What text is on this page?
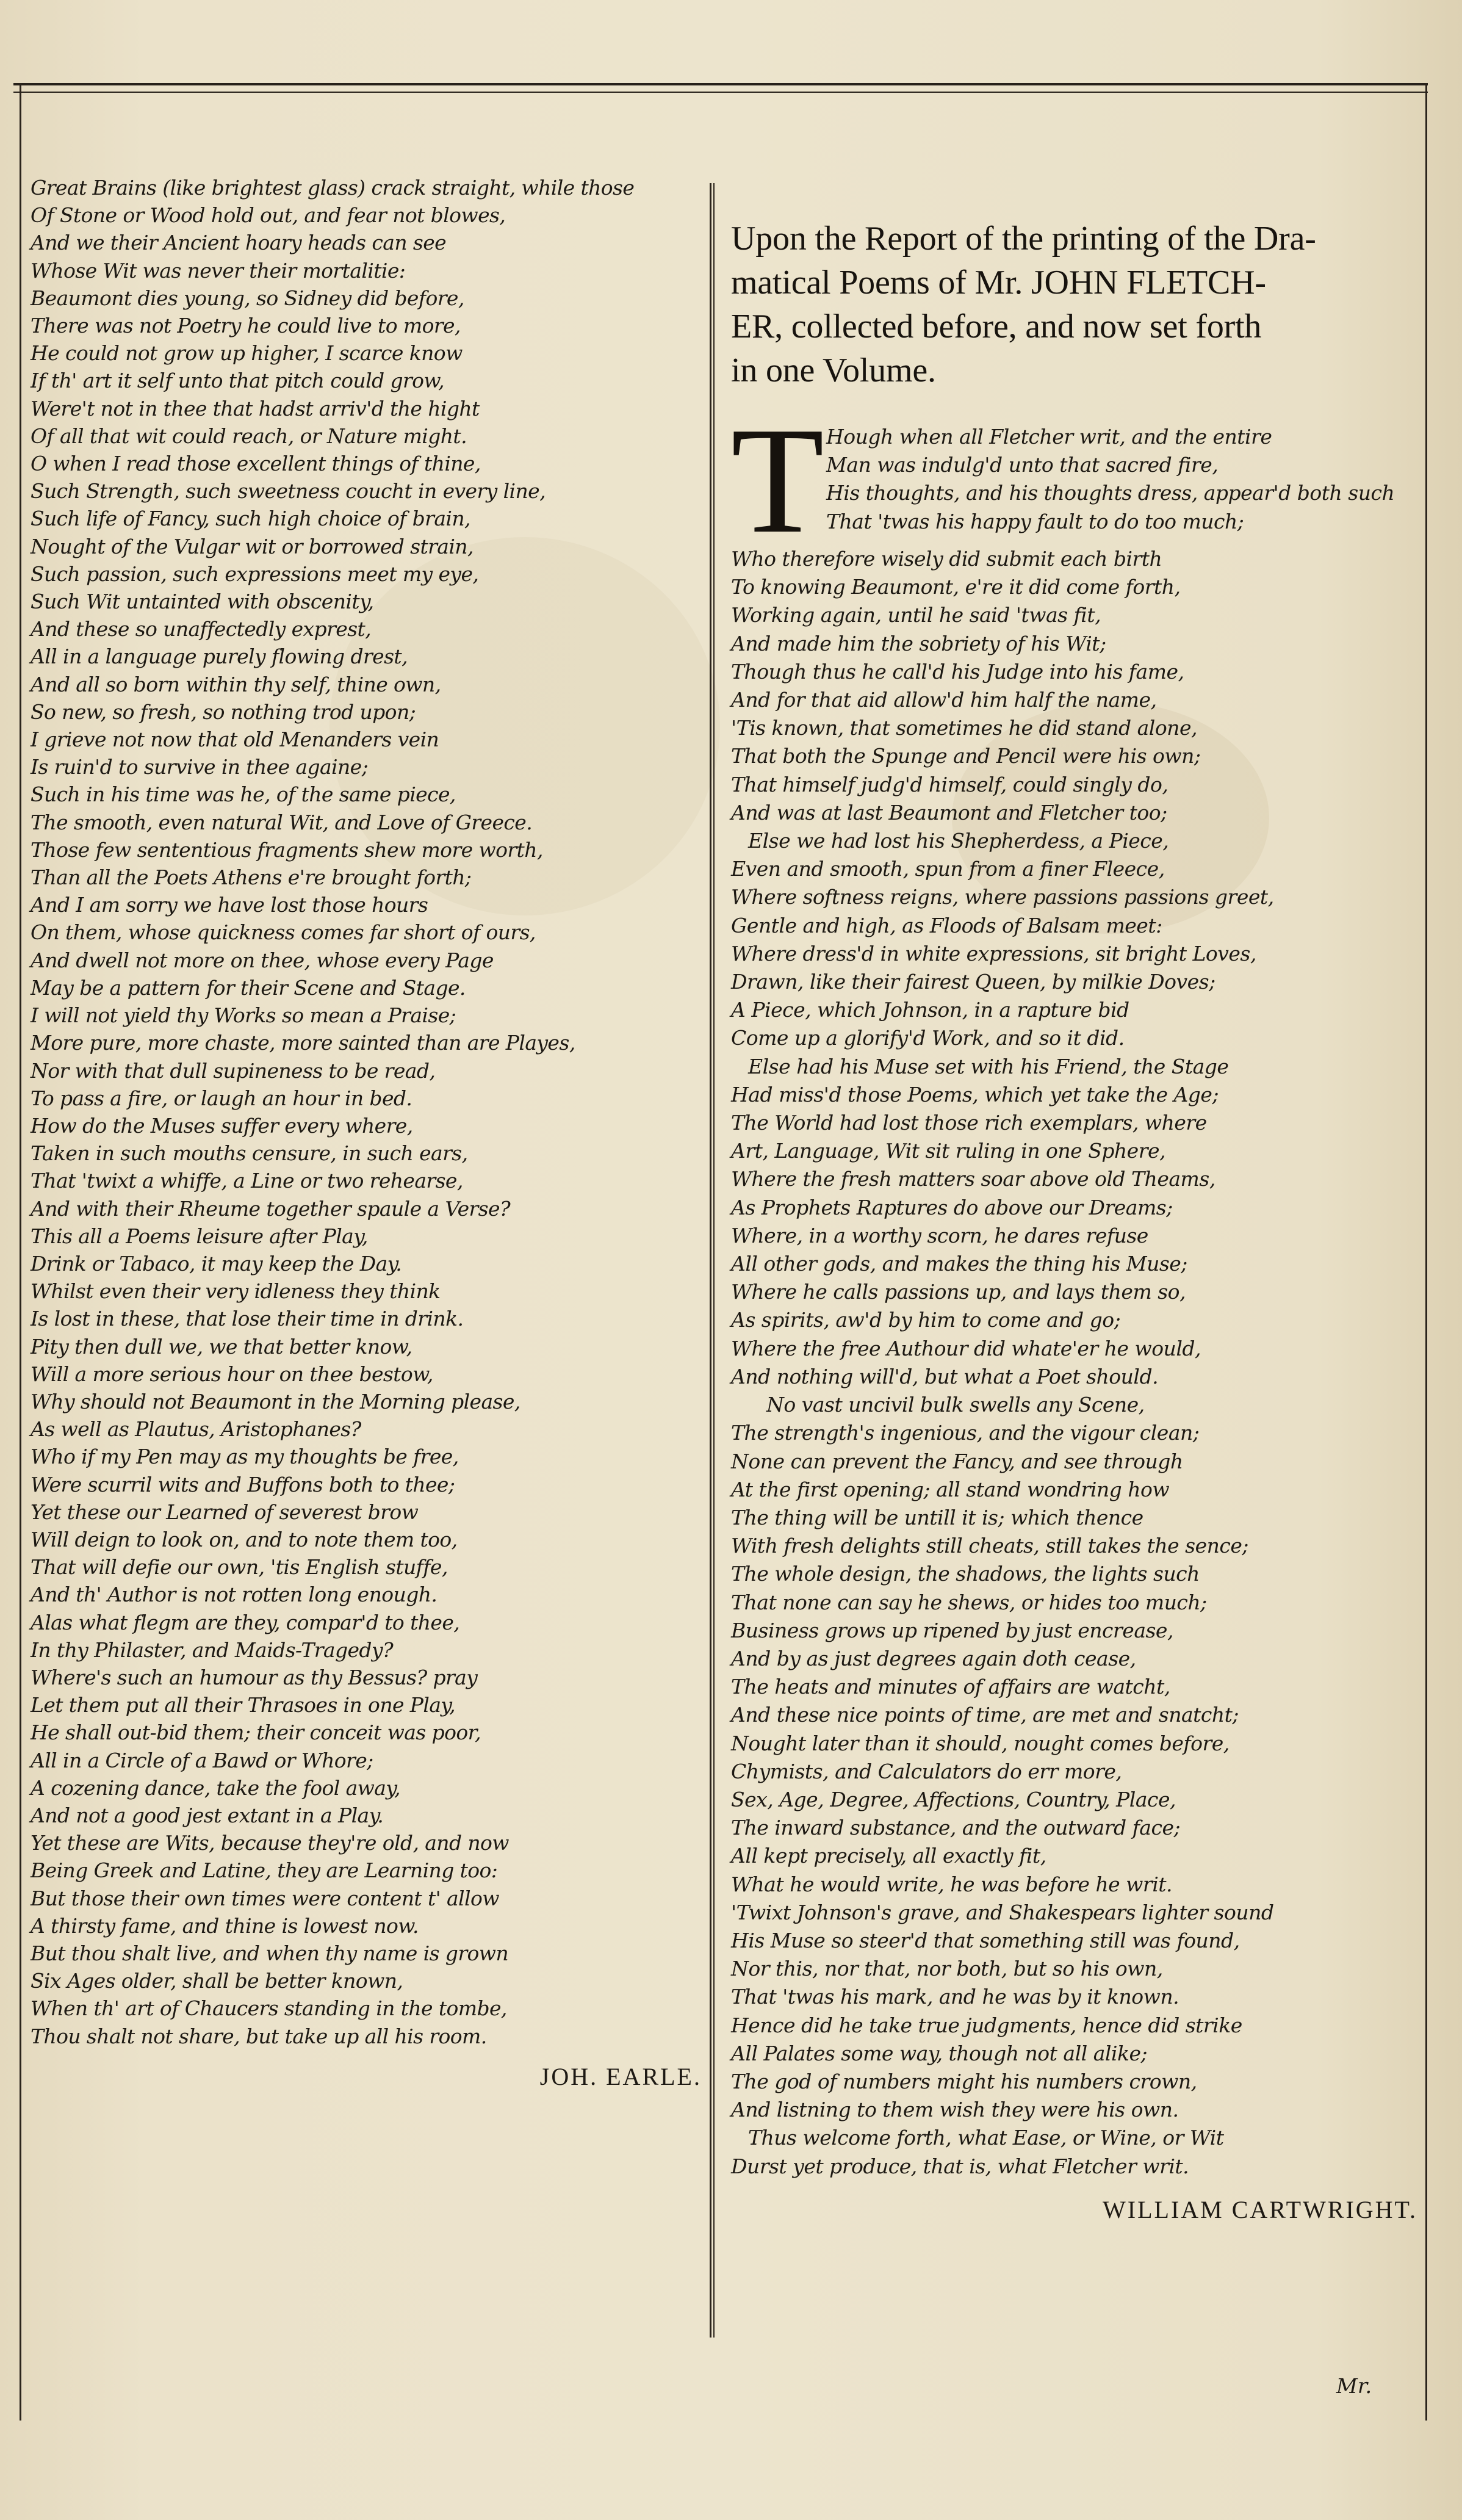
Great Brains (like brightest glass) crack straight, while those
Of Stone or Wood hold out, and fear not blowes,
And we their Ancient hoary heads can see
Whose Wit was never their mortalitie:
Beaumont dies young, so Sidney did before,
There was not Poetry he could live to more,
He could not grow up higher, I scarce know
If th' art it self unto that pitch could grow,
Were't not in thee that hadst arriv'd the hight
Of all that wit could reach, or Nature might.
O when I read those excellent things of thine,
Such Strength, such sweetness coucht in every line,
Such life of Fancy, such high choice of brain,
Nought of the Vulgar wit or borrowed strain,
Such passion, such expressions meet my eye,
Such Wit untainted with obscenity,
And these so unaffectedly exprest,
All in a language purely flowing drest,
And all so born within thy self, thine own,
So new, so fresh, so nothing trod upon;
I grieve not now that old Menanders vein
Is ruin'd to survive in thee againe;
Such in his time was he, of the same piece,
The smooth, even natural Wit, and Love of Greece.
Those few sententious fragments shew more worth,
Than all the Poets Athens e're brought forth;
And I am sorry we have lost those hours
On them, whose quickness comes far short of ours,
And dwell not more on thee, whose every Page
May be a pattern for their Scene and Stage.
I will not yield thy Works so mean a Praise;
More pure, more chaste, more sainted than are Playes,
Nor with that dull supineness to be read,
To pass a fire, or laugh an hour in bed.
How do the Muses suffer every where,
Taken in such mouths censure, in such ears,
That 'twixt a whiffe, a Line or two rehearse,
And with their Rheume together spaule a Verse?
This all a Poems leisure after Play,
Drink or Tabaco, it may keep the Day.
Whilst even their very idleness they think
Is lost in these, that lose their time in drink.
Pity then dull we, we that better know,
Will a more serious hour on thee bestow,
Why should not Beaumont in the Morning please,
As well as Plautus, Aristophanes?
Who if my Pen may as my thoughts be free,
Were scurril wits and Buffons both to thee;
Yet these our Learned of severest brow
Will deign to look on, and to note them too,
That will defie our own, 'tis English stuffe,
And th' Author is not rotten long enough.
Alas what flegm are they, compar'd to thee,
In thy Philaster, and Maids-Tragedy?
Where's such an humour as thy Bessus? pray
Let them put all their Thrasoes in one Play,
He shall out-bid them; their conceit was poor,
All in a Circle of a Bawd or Whore;
A cozening dance, take the fool away,
And not a good jest extant in a Play.
Yet these are Wits, because they're old, and now
Being Greek and Latine, they are Learning too:
But those their own times were content t' allow
A thirsty fame, and thine is lowest now.
But thou shalt live, and when thy name is grown
Six Ages older, shall be better known,
When th' art of Chaucers standing in the tombe,
Thou shalt not share, but take up all his room.
JOH. EARLE.
Upon the Report of the printing of the Dra-
matical Poems of Mr. JOHN FLETCH-
ER, collected before, and now set forth
in one Volume.
T Hough when all Fletcher writ, and the entire
Man was indulg'd unto that sacred fire,
His thoughts, and his thoughts dress, appear'd both such
That 'twas his happy fault to do too much;
Who therefore wisely did submit each birth
To knowing Beaumont, e're it did come forth,
Working again, until he said 'twas fit,
And made him the sobriety of his Wit;
Though thus he call'd his Judge into his fame,
And for that aid allow'd him half the name,
'Tis known, that sometimes he did stand alone,
That both the Spunge and Pencil were his own;
That himself judg'd himself, could singly do,
And was at last Beaumont and Fletcher too;
Else we had lost his Shepherdess, a Piece,
Even and smooth, spun from a finer Fleece,
Where softness reigns, where passions passions greet,
Gentle and high, as Floods of Balsam meet:
Where dress'd in white expressions, sit bright Loves,
Drawn, like their fairest Queen, by milkie Doves;
A Piece, which Johnson, in a rapture bid
Come up a glorify'd Work, and so it did.
Else had his Muse set with his Friend, the Stage
Had miss'd those Poems, which yet take the Age;
The World had lost those rich exemplars, where
Art, Language, Wit sit ruling in one Sphere,
Where the fresh matters soar above old Theams,
As Prophets Raptures do above our Dreams;
Where, in a worthy scorn, he dares refuse
All other gods, and makes the thing his Muse;
Where he calls passions up, and lays them so,
As spirits, aw'd by him to come and go;
Where the free Authour did whate'er he would,
And nothing will'd, but what a Poet should.
No vast uncivil bulk swells any Scene,
The strength's ingenious, and the vigour clean;
None can prevent the Fancy, and see through
At the first opening; all stand wondring how
The thing will be untill it is; which thence
With fresh delights still cheats, still takes the sence;
The whole design, the shadows, the lights such
That none can say he shews, or hides too much;
Business grows up ripened by just encrease,
And by as just degrees again doth cease,
The heats and minutes of affairs are watcht,
And these nice points of time, are met and snatcht;
Nought later than it should, nought comes before,
Chymists, and Calculators do err more,
Sex, Age, Degree, Affections, Country, Place,
The inward substance, and the outward face;
All kept precisely, all exactly fit,
What he would write, he was before he writ.
'Twixt Johnson's grave, and Shakespears lighter sound
His Muse so steer'd that something still was found,
Nor this, nor that, nor both, but so his own,
That 'twas his mark, and he was by it known.
Hence did he take true judgments, hence did strike
All Palates some way, though not all alike;
The god of numbers might his numbers crown,
And listning to them wish they were his own.
Thus welcome forth, what Ease, or Wine, or Wit
Durst yet produce, that is, what Fletcher writ.
WILLIAM CARTWRIGHT.
Mr.
